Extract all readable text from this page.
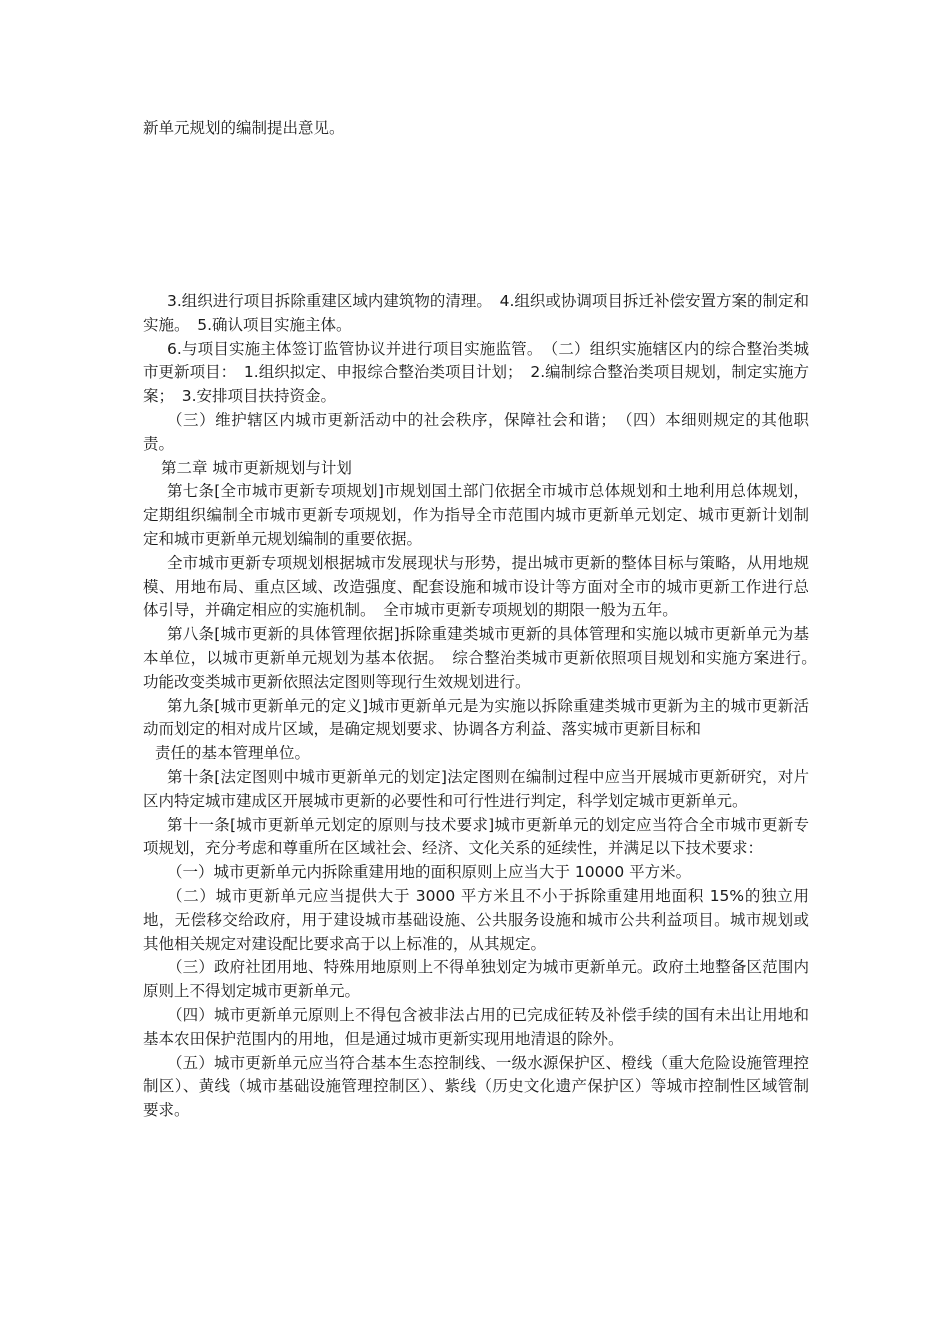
新单元规划的编制提出意见。

3.组织进行项目拆除重建区域内建筑物的清理。　4.组织或协调项目拆迁补偿安置方案的制定和实施。　5.确认项目实施主体。

6.与项目实施主体签订监管协议并进行项目实施监管。　（二）组织实施辖区内的综合整治类城市更新项目：　1.组织拟定、申报综合整治类项目计划；　2.编制综合整治类项目规划，制定实施方案；　3.安排项目扶持资金。

（三）维护辖区内城市更新活动中的社会秩序，保障社会和谐；　（四）本细则规定的其他职责。

第二章 城市更新规划与计划

第七条[全市城市更新专项规划]市规划国土部门依据全市城市总体规划和土地利用总体规划，定期组织编制全市城市更新专项规划，作为指导全市范围内城市更新单元划定、城市更新计划制定和城市更新单元规划编制的重要依据。

全市城市更新专项规划根据城市发展现状与形势，提出城市更新的整体目标与策略，从用地规模、用地布局、重点区域、改造强度、配套设施和城市设计等方面对全市的城市更新工作进行总体引导，并确定相应的实施机制。　全市城市更新专项规划的期限一般为五年。

第八条[城市更新的具体管理依据]拆除重建类城市更新的具体管理和实施以城市更新单元为基本单位，以城市更新单元规划为基本依据。　综合整治类城市更新依照项目规划和实施方案进行。　功能改变类城市更新依照法定图则等现行生效规划进行。

第九条[城市更新单元的定义]城市更新单元是为实施以拆除重建类城市更新为主的城市更新活动而划定的相对成片区域，是确定规划要求、协调各方利益、落实城市更新目标和

责任的基本管理单位。

第十条[法定图则中城市更新单元的划定]法定图则在编制过程中应当开展城市更新研究，对片区内特定城市建成区开展城市更新的必要性和可行性进行判定，科学划定城市更新单元。

第十一条[城市更新单元划定的原则与技术要求]城市更新单元的划定应当符合全市城市更新专项规划，充分考虑和尊重所在区域社会、经济、文化关系的延续性，并满足以下技术要求：

（一）城市更新单元内拆除重建用地的面积原则上应当大于 10000 平方米。

（二）城市更新单元应当提供大于 3000 平方米且不小于拆除重建用地面积 15%的独立用地，无偿移交给政府，用于建设城市基础设施、公共服务设施和城市公共利益项目。城市规划或其他相关规定对建设配比要求高于以上标准的，从其规定。

（三）政府社团用地、特殊用地原则上不得单独划定为城市更新单元。政府土地整备区范围内原则上不得划定城市更新单元。

（四）城市更新单元原则上不得包含被非法占用的已完成征转及补偿手续的国有未出让用地和基本农田保护范围内的用地，但是通过城市更新实现用地清退的除外。

（五）城市更新单元应当符合基本生态控制线、一级水源保护区、橙线（重大危险设施管理控制区）、黄线（城市基础设施管理控制区）、紫线（历史文化遗产保护区）等城市控制性区域管制要求。
